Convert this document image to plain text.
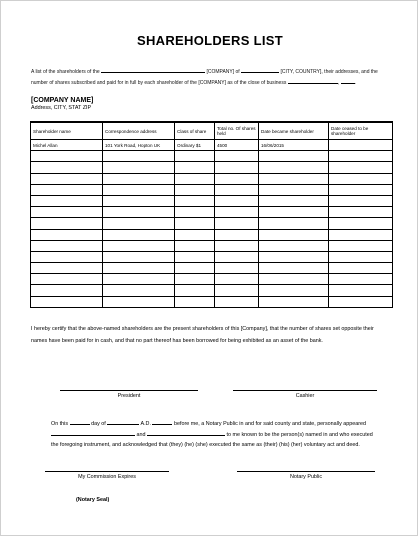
SHAREHOLDERS LIST
A list of the shareholders of the	[COMPANY] of	[CITY, COUNTRY], their addresses, and the number of shares subscribed and paid for in full by each shareholder of the [COMPANY] as of the close of business	,	.
[COMPANY NAME]
Address, CITY, STAT ZIP
Shareholder name	Correspondence address	Class of share	Total no. Of shares held	Date became shareholder	Date ceased to be shareholder
Michel Allan	101 York Road, Hopton UK	Ordinary $1	4500	16/06/2015	

I hereby certify that the above-named shareholders are the present shareholders of this [Company], that the number of shares set opposite their names have been paid for in cash, and that no part thereof has been borrowed for being exhibited as an asset of the bank.
President	Cashier
On this	day of	A.D.	before me, a Notary Public in and for said county and state, personally appeared  and	to me known to be the person(s) named in and who executed the foregoing instrument, and acknowledged that (they) (he) (she) executed the same as (their) (his) (her) voluntary act and deed.
My Commission Expires	Notary Public
(Notary Seal)
